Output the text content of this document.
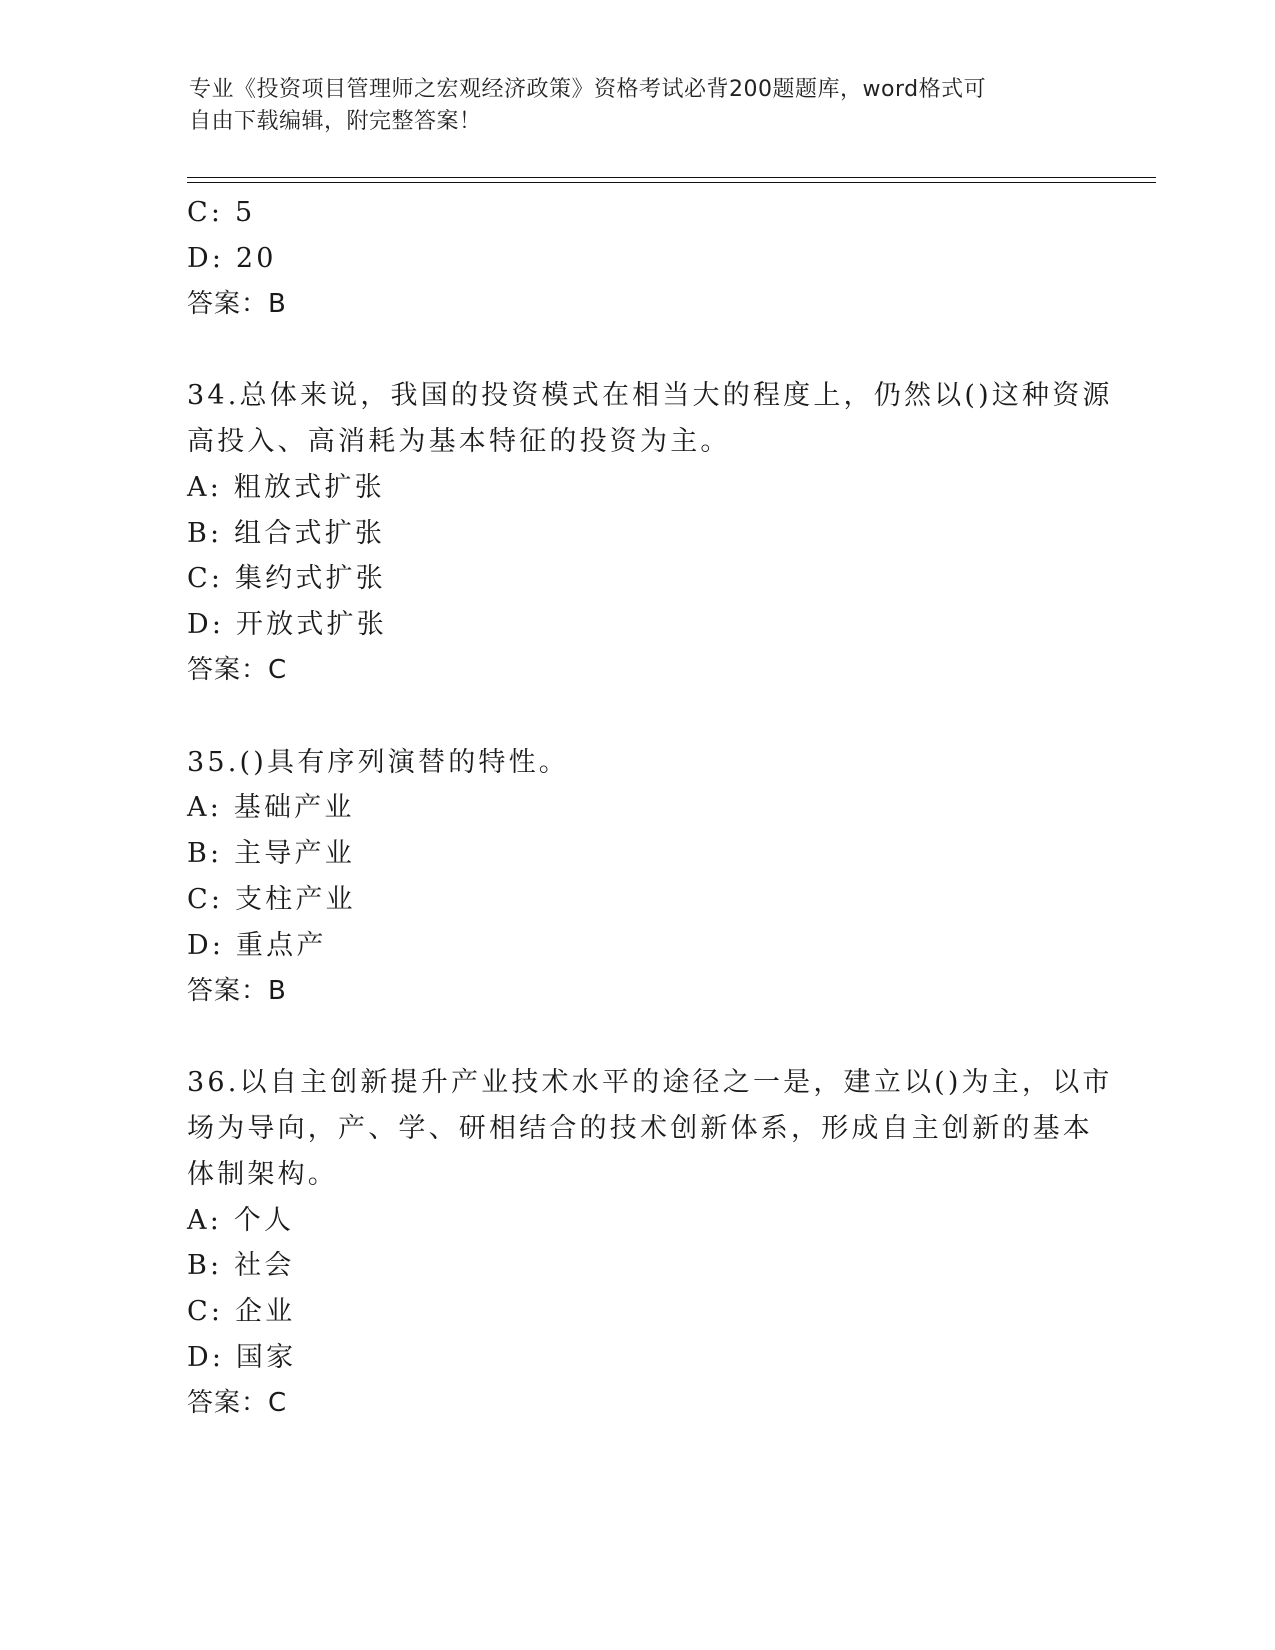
专业《投资项目管理师之宏观经济政策》资格考试必背200题题库，word格式可
自由下载编辑，附完整答案！
C: 5
D: 20
答案：B
34.总体来说，我国的投资模式在相当大的程度上，仍然以()这种资源
高投入、高消耗为基本特征的投资为主。
A: 粗放式扩张
B: 组合式扩张
C: 集约式扩张
D: 开放式扩张
答案：C
35.()具有序列演替的特性。
A: 基础产业
B: 主导产业
C: 支柱产业
D: 重点产
答案：B
36.以自主创新提升产业技术水平的途径之一是，建立以()为主，以市
场为导向，产、学、研相结合的技术创新体系，形成自主创新的基本
体制架构。
A: 个人
B: 社会
C: 企业
D: 国家
答案：C
